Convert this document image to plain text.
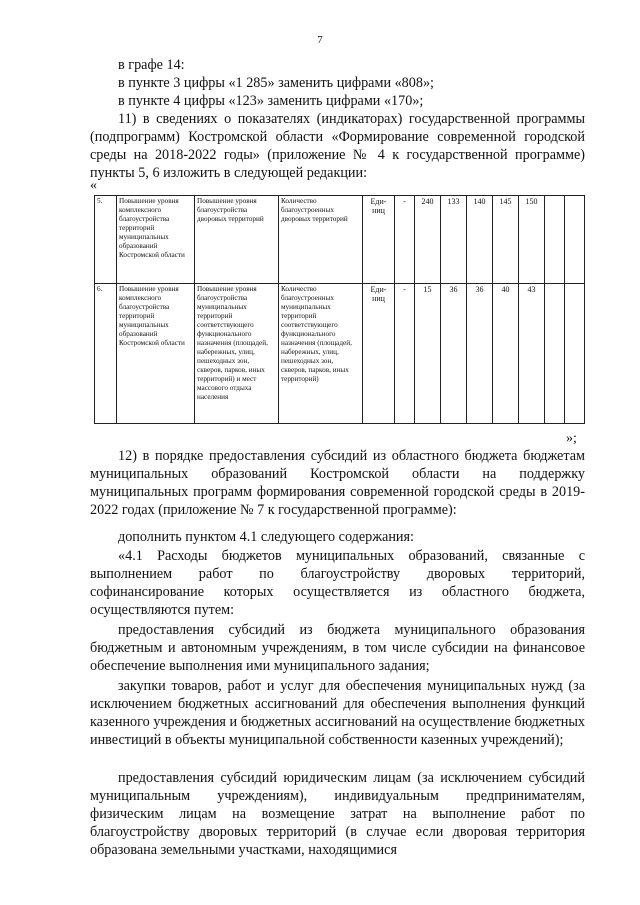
7
в графе 14:
в пункте 3 цифры «1 285» заменить цифрами «808»;
в пункте 4 цифры «123» заменить цифрами «170»;
11) в сведениях о показателях (индикаторах) государственной программы (подпрограмм) Костромской области «Формирование современной городской среды на 2018-2022 годы» (приложение № 4 к государственной программе) пункты 5, 6 изложить в следующей редакции:
«
5.	Повышение уровня комплексного благоустройства территорий муниципальных образований Костромской области	Повышение уровня благоустройства дворовых территорий	Количество благоустроенных дворовых территорий	Еди-ниц	-	240	133	140	145	150		
6.	Повышение уровня комплексного благоустройства территорий муниципальных образований Костромской области	Повышение уровня благоустройства муниципальных территорий соответствующего функционального назначения (площадей, набережных, улиц, пешеходных зон, скверов, парков, иных территорий) и мест массового отдыха населения	Количество благоустроенных муниципальных территорий соответствующего функционального назначения (площадей, набережных, улиц, пешеходных зон, скверов, парков, иных территорий)	Еди-ниц	-	15	36	36	40	43		
»;
12) в порядке предоставления субсидий из областного бюджета бюджетам муниципальных образований Костромской области на поддержку муниципальных программ формирования современной городской среды в 2019-2022 годах (приложение № 7 к государственной программе):
дополнить пунктом 4.1 следующего содержания:
«4.1 Расходы бюджетов муниципальных образований, связанные с выполнением работ по благоустройству дворовых территорий, софинансирование которых осуществляется из областного бюджета, осуществляются путем:
предоставления субсидий из бюджета муниципального образования бюджетным и автономным учреждениям, в том числе субсидии на финансовое обеспечение выполнения ими муниципального задания;
закупки товаров, работ и услуг для обеспечения муниципальных нужд (за исключением бюджетных ассигнований для обеспечения выполнения функций казенного учреждения и бюджетных ассигнований на осуществление бюджетных инвестиций в объекты муниципальной собственности казенных учреждений);
предоставления субсидий юридическим лицам (за исключением субсидий муниципальным учреждениям), индивидуальным предпринимателям, физическим лицам на возмещение затрат на выполнение работ по благоустройству дворовых территорий (в случае если дворовая территория образована земельными участками, находящимися
